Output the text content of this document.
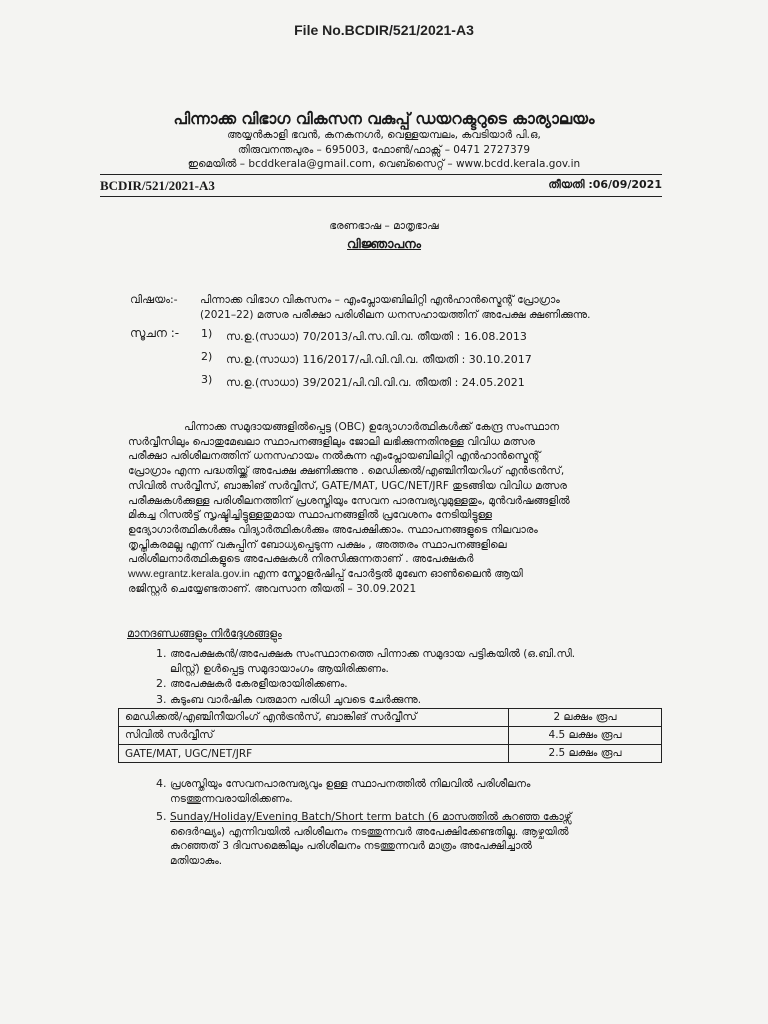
File No.BCDIR/521/2021-A3
പിന്നാക്ക വിഭാഗ വികസന വകുപ്പ് ഡയറക്ടറുടെ കാര്യാലയം
അയ്യൻകാളി ഭവൻ, കനകനഗർ, വെള്ളയമ്പലം, കവടിയാർ പി.ഒ,
തിരുവനന്തപുരം – 695003, ഫോൺ/ഫാക്സ് – 0471 2727379
ഇമെയിൽ – bcddkerala@gmail.com, വെബ്സൈറ്റ് – www.bcdd.kerala.gov.in
BCDIR/521/2021-A3	തീയതി :06/09/2021
ഭരണഭാഷ – മാതൃഭാഷ
വിജ്ഞാപനം
വിഷയം:- പിന്നാക്ക വിഭാഗ വികസനം – എംപ്ലോയബിലിറ്റി എൻഹാൻസ്മെന്റ് പ്രോഗ്രാം
(2021–22) മത്സര പരീക്ഷാ പരിശീലന ധനസഹായത്തിന് അപേക്ഷ ക്ഷണിക്കുന്നു.
സൂചന :- 1) സ.ഉ.(സാധാ) 70/2013/പി.സ.വി.വ. തീയതി : 16.08.2013
2) സ.ഉ.(സാധാ) 116/2017/പി.വി.വി.വ. തീയതി : 30.10.2017
3) സ.ഉ.(സാധാ) 39/2021/പി.വി.വി.വ. തീയതി : 24.05.2021
പിന്നാക്ക സമുദായങ്ങളിൽപ്പെട്ട (OBC) ഉദ്യോഗാർത്ഥികൾക്ക് കേന്ദ്ര സംസ്ഥാന
സർവ്വീസിലും പൊതുമേഖലാ സ്ഥാപനങ്ങളിലും ജോലി ലഭിക്കുന്നതിനുള്ള വിവിധ മത്സര
പരീക്ഷാ പരിശീലനത്തിന് ധനസഹായം നൽകുന്ന എംപ്ലോയബിലിറ്റി എൻഹാൻസ്മെന്റ്
പ്രോഗ്രാം എന്ന പദ്ധതിയ്ക്ക് അപേക്ഷ ക്ഷണിക്കുന്നു . മെഡിക്കൽ/എഞ്ചിനീയറിംഗ് എൻട്രൻസ്,
സിവിൽ സർവ്വീസ്, ബാങ്കിങ് സർവ്വീസ്, GATE/MAT, UGC/NET/JRF തുടങ്ങിയ വിവിധ മത്സര
പരീക്ഷകൾക്കുള്ള പരിശീലനത്തിന് പ്രശസ്തിയും സേവന പാരമ്പര്യവുമുള്ളതും, മുൻവർഷങ്ങളിൽ
മികച്ച റിസൽട്ട് സൃഷ്ടിച്ചിട്ടുള്ളതുമായ സ്ഥാപനങ്ങളിൽ പ്രവേശനം നേടിയിട്ടുള്ള
ഉദ്യോഗാർത്ഥികൾക്കും വിദ്യാർത്ഥികൾക്കും അപേക്ഷിക്കാം. സ്ഥാപനങ്ങളുടെ നിലവാരം
തൃപ്തികരമല്ല എന്ന് വകുപ്പിന് ബോധ്യപ്പെടുന്ന പക്ഷം , അത്തരം സ്ഥാപനങ്ങളിലെ
പരിശീലനാർത്ഥികളുടെ അപേക്ഷകൾ നിരസിക്കുന്നതാണ് . അപേക്ഷകർ
www.egrantz.kerala.gov.in എന്ന സ്കോളർഷിപ്പ് പോർട്ടൽ മുഖേന ഓൺലൈൻ ആയി
രജിസ്റ്റർ ചെയ്യേണ്ടതാണ്. അവസാന തീയതി – 30.09.2021
മാനദണ്ഡങ്ങളും നിർദ്ദേശങ്ങളും
1. അപേക്ഷകൻ/അപേക്ഷക സംസ്ഥാനത്തെ പിന്നാക്ക സമുദായ പട്ടികയിൽ (ഒ.ബി.സി.
ലിസ്റ്റ്) ഉൾപ്പെട്ട സമുദായാംഗം ആയിരിക്കണം.
2. അപേക്ഷകർ കേരളീയരായിരിക്കണം.
3. കുടുംബ വാർഷിക വരുമാന പരിധി ചുവടെ ചേർക്കുന്നു.
മെഡിക്കൽ/എഞ്ചിനീയറിംഗ് എൻട്രൻസ്, ബാങ്കിങ് സർവ്വീസ്	2 ലക്ഷം രൂപ
സിവിൽ സർവ്വീസ്	4.5 ലക്ഷം രൂപ
GATE/MAT, UGC/NET/JRF	2.5 ലക്ഷം രൂപ
4. പ്രശസ്തിയും സേവനപാരമ്പര്യവും ഉള്ള സ്ഥാപനത്തിൽ നിലവിൽ പരിശീലനം
നടത്തുന്നവരായിരിക്കണം.
5. Sunday/Holiday/Evening Batch/Short term batch (6 മാസത്തിൽ കുറഞ്ഞ കോഴ്സ്
ദൈർഘ്യം) എന്നിവയിൽ പരിശീലനം നടത്തുന്നവർ അപേക്ഷിക്കേണ്ടതില്ല. ആഴ്ചയിൽ
കുറഞ്ഞത് 3 ദിവസമെങ്കിലും പരിശീലനം നടത്തുന്നവർ മാത്രം അപേക്ഷിച്ചാൽ
മതിയാകും.
